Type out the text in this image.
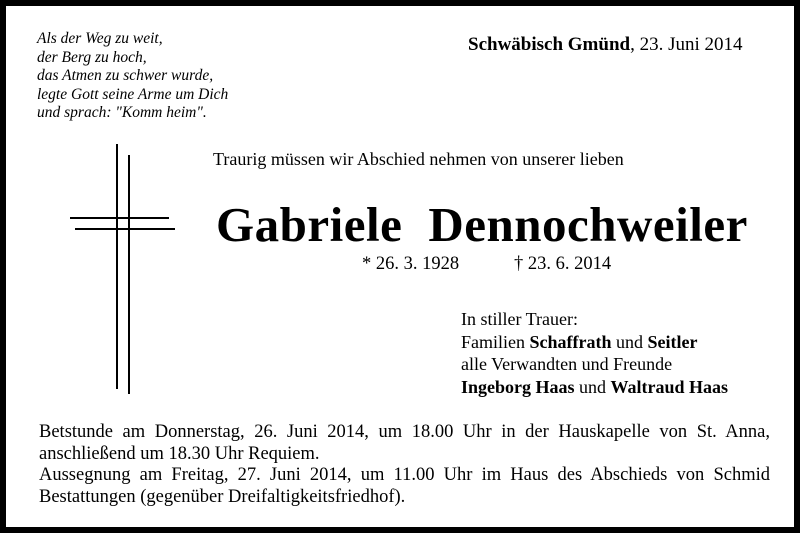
Als der Weg zu weit,
der Berg zu hoch,
das Atmen zu schwer wurde,
legte Gott seine Arme um Dich
und sprach: "Komm heim".
Schwäbisch Gmünd, 23. Juni 2014
Traurig müssen wir Abschied nehmen von unserer lieben
Gabriele Dennochweiler
* 26. 3. 1928	† 23. 6. 2014
In stiller Trauer:
Familien Schaffrath und Seitler
alle Verwandten und Freunde
Ingeborg Haas und Waltraud Haas

Betstunde am Donnerstag, 26. Juni 2014, um 18.00 Uhr in der Hauskapelle von St. Anna, anschließend um 18.30 Uhr Requiem.

Aussegnung am Freitag, 27. Juni 2014, um 11.00 Uhr im Haus des Abschieds von Schmid Bestattungen (gegenüber Dreifaltigkeitsfriedhof).
